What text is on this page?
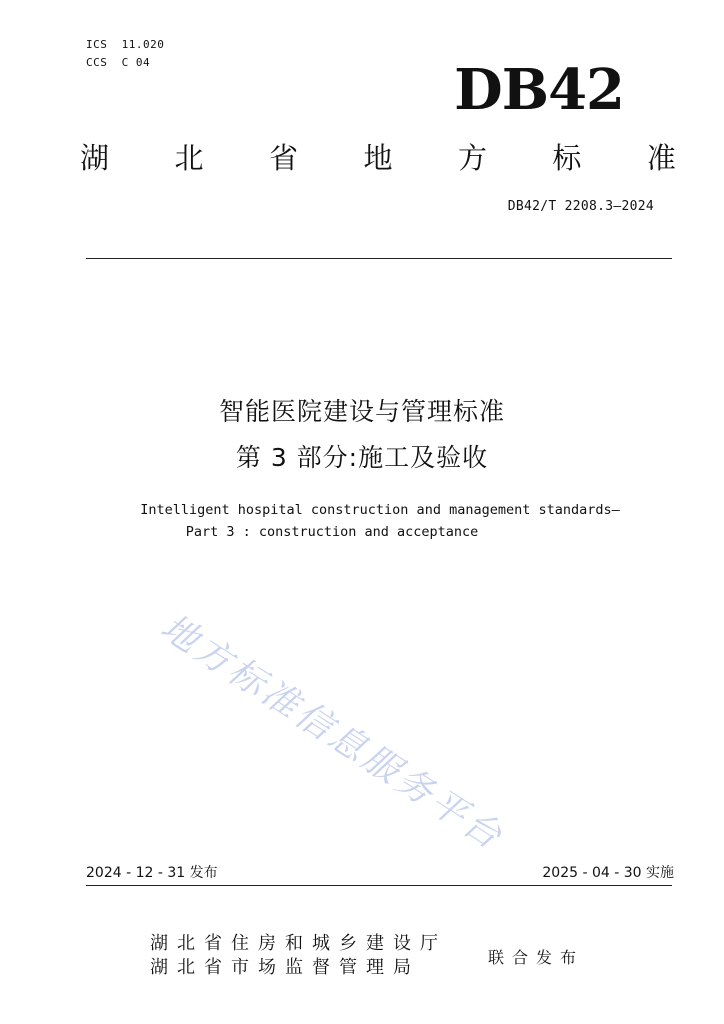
ICS  11.020
CCS  C 04	DB42
湖 北 省 地 方 标 准
DB42/T 2208.3—2024
智能医院建设与管理标准
第 3 部分:施工及验收
Intelligent hospital construction and management standards—
Part 3 : construction and acceptance
地方标准信息服务平台
2024 - 12 - 31 发布	2025 - 04 - 30 实施
湖北省住房和城乡建设厅
湖北省市场监督管理局	联合发布
